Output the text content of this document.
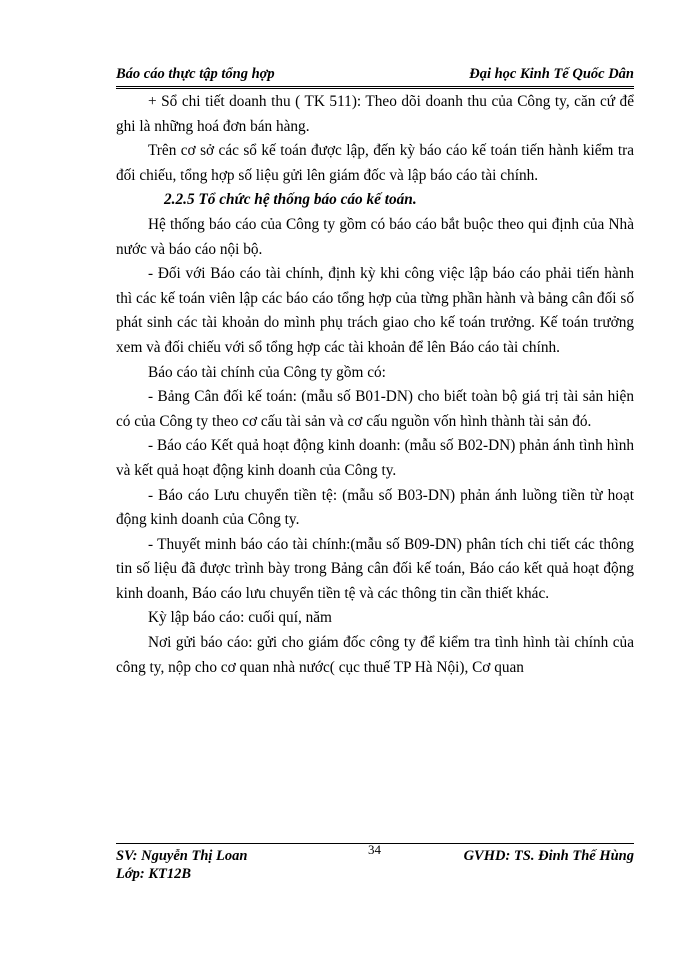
Báo cáo thực tập tổng hợp	Đại học Kinh Tế Quốc Dân

+ Sổ chi tiết doanh thu ( TK 511): Theo dõi doanh thu của Công ty, căn cứ để ghi là những hoá đơn bán hàng.

Trên cơ sở các sổ kế toán được lập, đến kỳ báo cáo kế toán tiến hành kiểm tra đối chiếu, tổng hợp số liệu gửi lên giám đốc và lập báo cáo tài chính.

2.2.5 Tổ chức hệ thống báo cáo kế toán.

Hệ thống báo cáo của Công ty gồm có báo cáo bắt buộc theo qui định của Nhà nước và báo cáo nội bộ.

- Đối với Báo cáo tài chính, định kỳ khi công việc lập báo cáo phải tiến hành thì các kế toán viên lập các báo cáo tổng hợp của từng phần hành và bảng cân đối số phát sinh các tài khoản do mình phụ trách giao cho kế toán trưởng. Kế toán trưởng xem và đối chiếu với sổ tổng hợp các tài khoản để lên Báo cáo tài chính.

Báo cáo tài chính của Công ty gồm có:

- Bảng Cân đối kế toán: (mẫu số B01-DN) cho biết toàn bộ giá trị tài sản hiện có của Công ty theo cơ cấu tài sản và cơ cấu nguồn vốn hình thành tài sản đó.

- Báo cáo Kết quả hoạt động kinh doanh: (mẫu số B02-DN) phản ánh tình hình và kết quả hoạt động kinh doanh của Công ty.

- Báo cáo Lưu chuyển tiền tệ: (mẫu số B03-DN) phản ánh luồng tiền từ hoạt động kinh doanh của Công ty.

- Thuyết minh báo cáo tài chính:(mẫu số B09-DN) phân tích chi tiết các thông tin số liệu đã được trình bày trong Bảng cân đối kế toán, Báo cáo kết quả hoạt động kinh doanh, Báo cáo lưu chuyển tiền tệ và các thông tin cần thiết khác.

Kỳ lập báo cáo: cuối quí, năm

Nơi gửi báo cáo: gửi cho giám đốc công ty để kiểm tra tình hình tài chính của công ty, nộp cho cơ quan nhà nước( cục thuế TP Hà Nội), Cơ quan

SV: Nguyễn Thị Loan
Lớp: KT12B
34	GVHD: TS. Đinh Thế Hùng
